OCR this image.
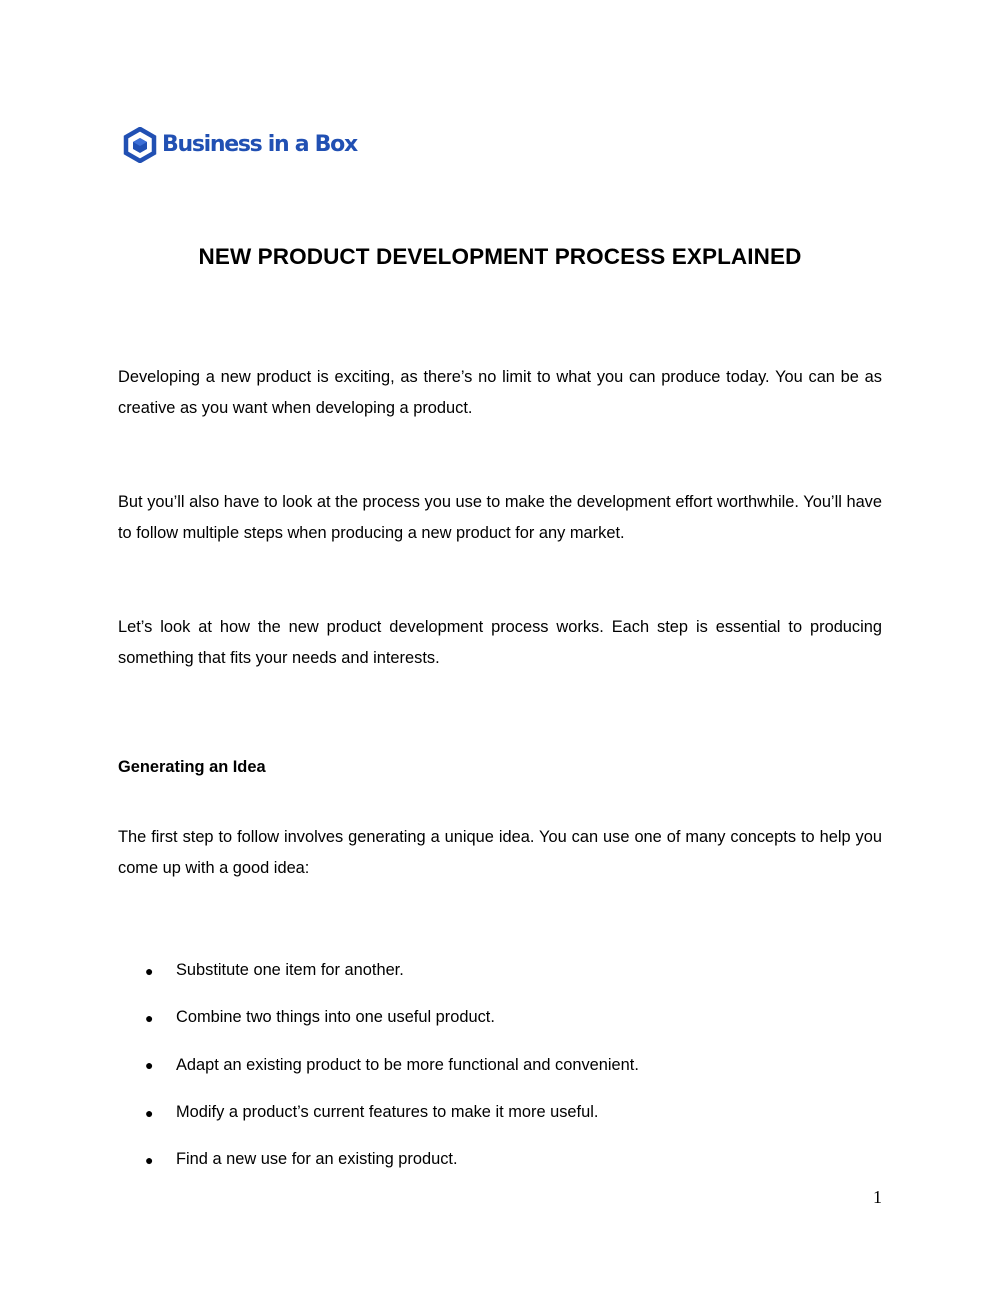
Business in a Box
NEW PRODUCT DEVELOPMENT PROCESS EXPLAINED

Developing a new product is exciting, as there’s no limit to what you can produce today. You can be as creative as you want when developing a product.

But you’ll also have to look at the process you use to make the development effort worthwhile. You’ll have to follow multiple steps when producing a new product for any market.

Let’s look at how the new product development process works. Each step is essential to producing something that fits your needs and interests.

Generating an Idea

The first step to follow involves generating a unique idea. You can use one of many concepts to help you come up with a good idea:

●	Substitute one item for another.
●	Combine two things into one useful product.
●	Adapt an existing product to be more functional and convenient.
●	Modify a product’s current features to make it more useful.
●	Find a new use for an existing product.
1
